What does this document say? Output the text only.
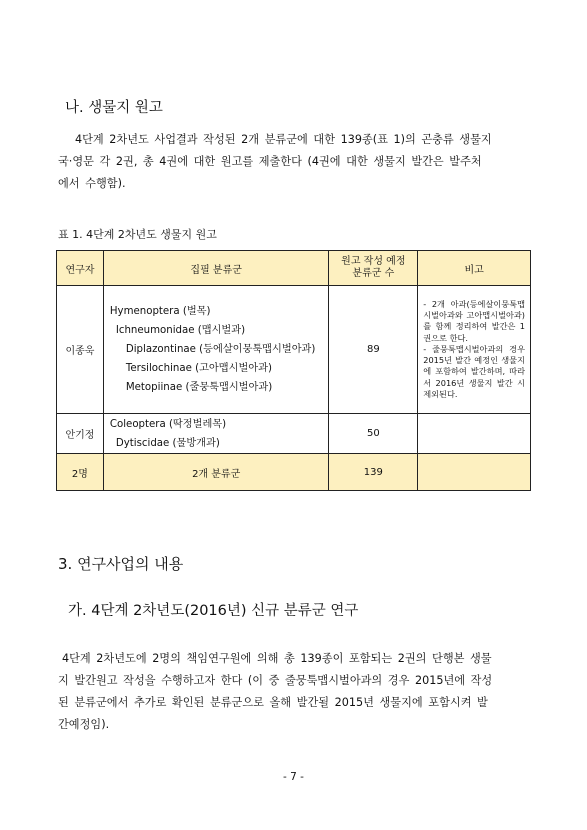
나. 생물지 원고
4단계 2차년도 사업결과 작성된 2개 분류군에 대한 139종(표 1)의 곤충류 생물지
국·영문 각 2권, 총 4권에 대한 원고를 제출한다 (4권에 대한 생물지 발간은 발주처
에서 수행함).
표 1. 4단계 2차년도 생물지 원고
연구자	집필 분류군	원고 작성 예정
분류군 수	비고
이종욱	Hymenoptera (벌목)
Ichneumonidae (맵시벌과)
Diplazontinae (등에살이뭉툭맵시벌아과)
Tersilochinae (고아맵시벌아과)
Metopiinae (줄뭉툭맵시벌아과)	89	- 2개 아과(등에살이뭉툭맵시벌아과와 고아맵시벌아과)를 함께 정리하여 발간은 1권으로 한다.
- 줄뭉툭맵시벌아과의 경우 2015년 발간 예정인 생물지에 포함하여 발간하며, 따라서 2016년 생물지 발간 시 제외된다.

안기정	Coleoptera (딱정벌레목)
Dytiscidae (물방개과)	50	
2명	2개 분류군	139	
3. 연구사업의 내용
가. 4단계 2차년도(2016년) 신규 분류군 연구
4단계 2차년도에 2명의 책임연구원에 의해 총 139종이 포함되는 2권의 단행본 생물
지 발간원고 작성을 수행하고자 한다 (이 중 줄뭉툭맵시벌아과의 경우 2015년에 작성
된 분류군에서 추가로 확인된 분류군으로 올해 발간될 2015년 생물지에 포함시켜 발
간예정임).
- 7 -
